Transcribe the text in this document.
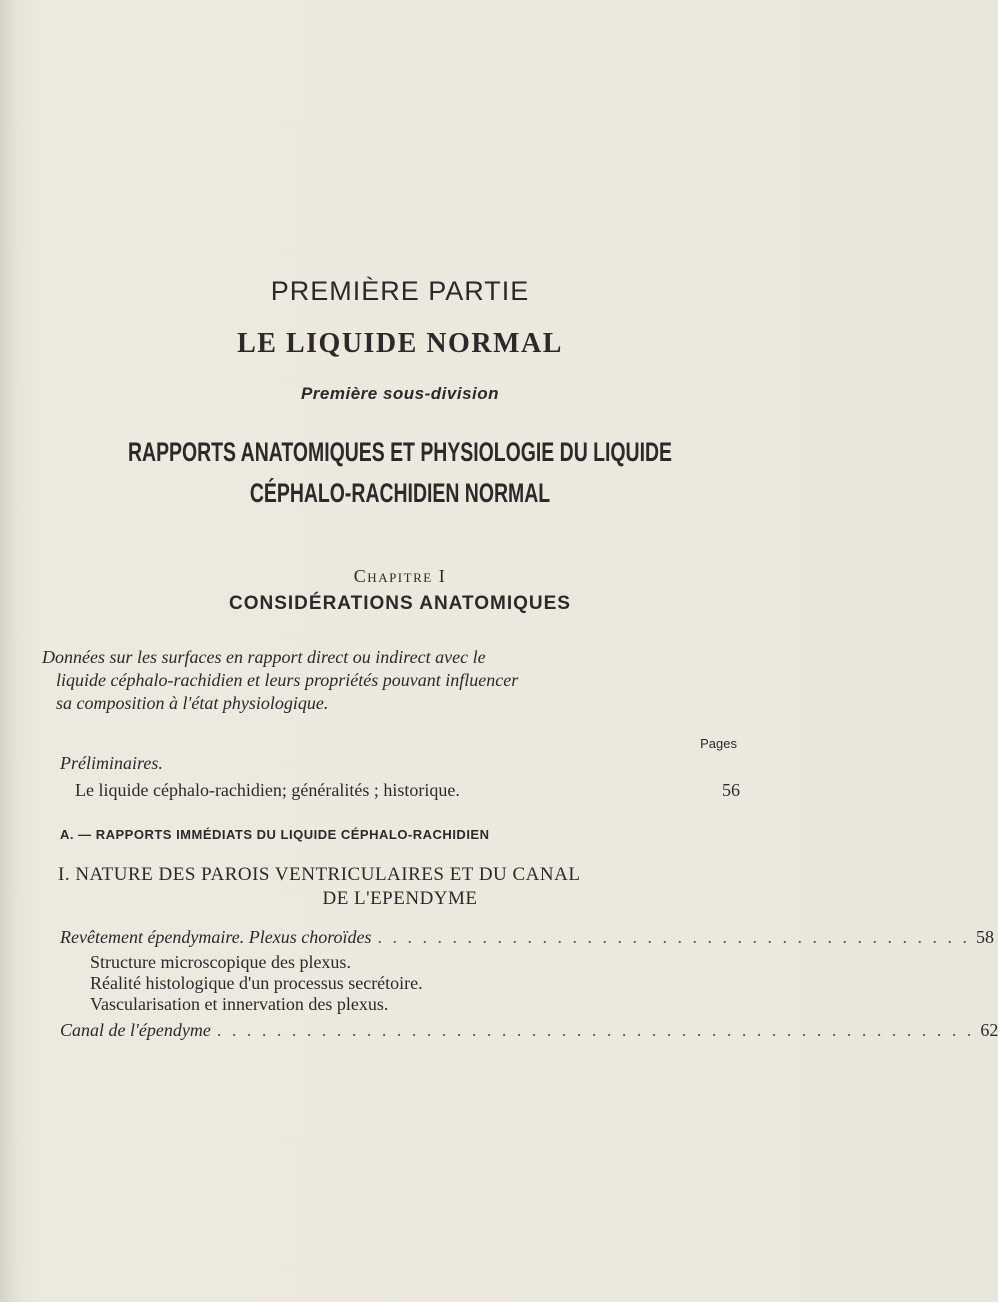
PREMIÈRE PARTIE
LE LIQUIDE NORMAL
Première sous-division
RAPPORTS ANATOMIQUES ET PHYSIOLOGIE DU LIQUIDE
CÉPHALO-RACHIDIEN NORMAL
Chapitre I
CONSIDÉRATIONS ANATOMIQUES
Données sur les surfaces en rapport direct ou indirect avec le
liquide céphalo-rachidien et leurs propriétés pouvant influencer
sa composition à l'état physiologique.
Pages
Préliminaires.
Le liquide céphalo-rachidien; généralités ; historique.	56
A. — RAPPORTS IMMÉDIATS DU LIQUIDE CÉPHALO-RACHIDIEN
I. NATURE DES PAROIS VENTRICULAIRES ET DU CANAL
DE L'EPENDYME
Revêtement épendymaire. Plexus choroïdes . . . . . . . . . . . . . . . . . . . . . . . . . . . . . . . . . . . . . . . . 58
Structure microscopique des plexus.
Réalité histologique d'un processus secrétoire.
Vascularisation et innervation des plexus.
Canal de l'épendyme . . . . . . . . . . . . . . . . . . . . . . . . . . . . . . . . . . . . . . . . . . . . . . . . . . . 62
